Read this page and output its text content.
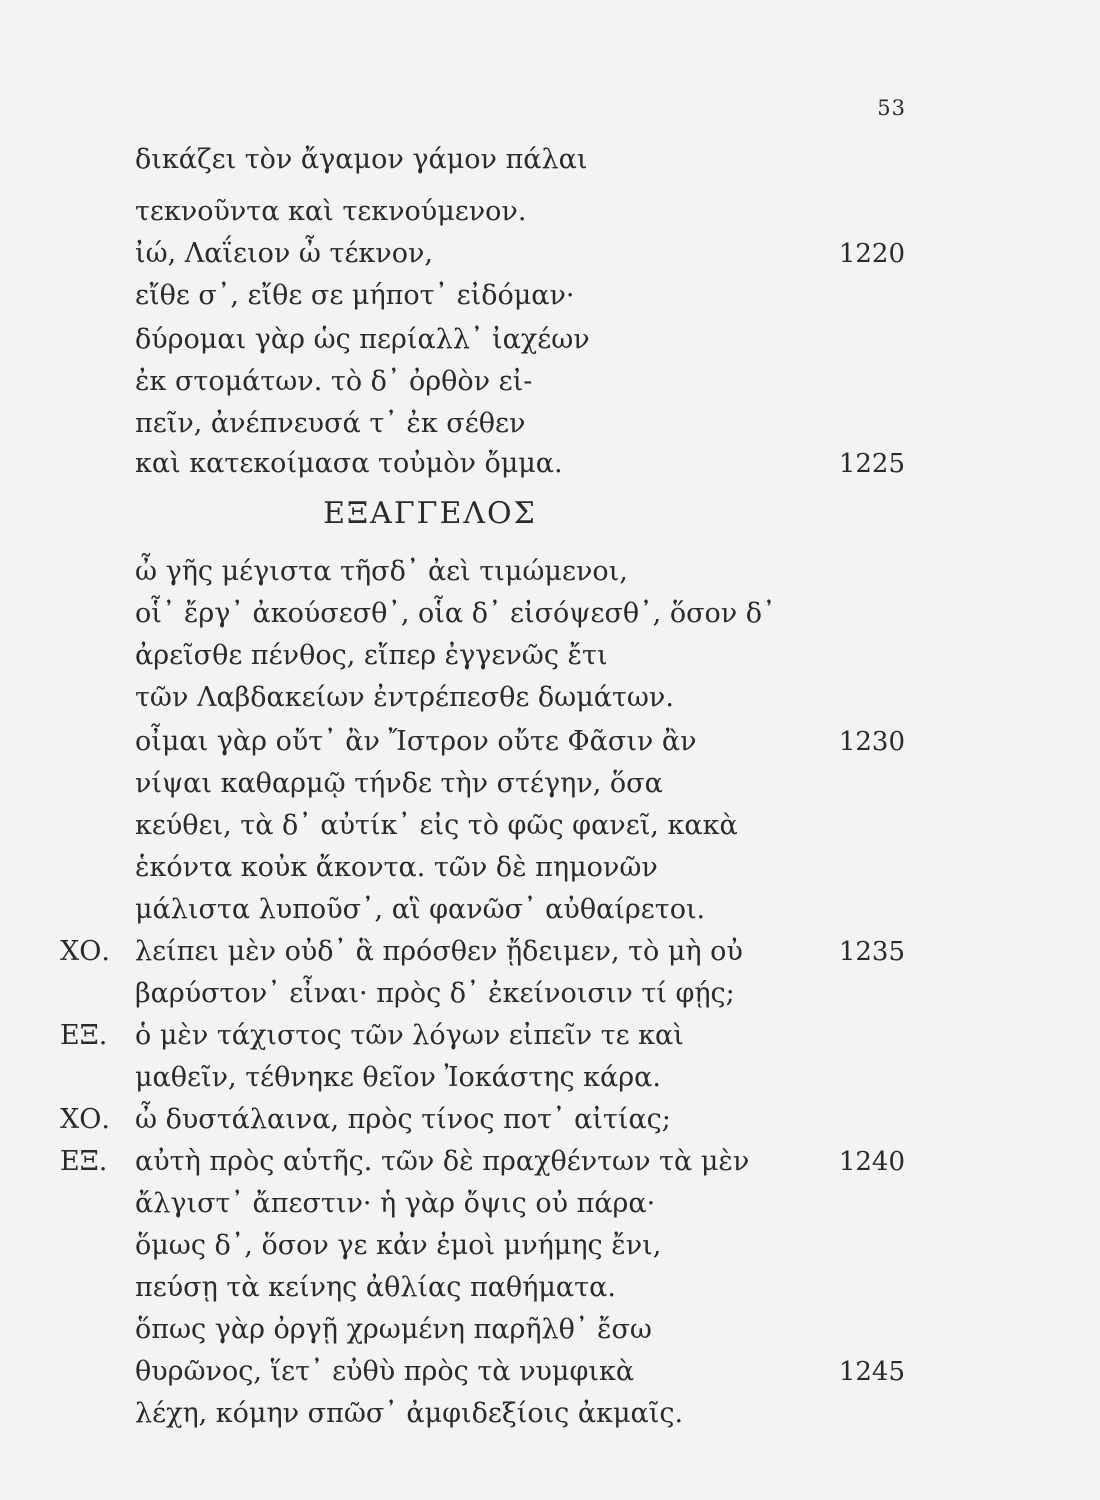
53
δικάζει τὸν ἄγαμον γάμον πάλαι
τεκνοῦντα καὶ τεκνούμενον.
ἰώ, Λαΐειον ὦ τέκνον,	1220
εἴθε σ᾽, εἴθε σε μήποτ᾽ εἰδόμαν·
δύρομαι γὰρ ὡς περίαλλ᾽ ἰαχέων
ἐκ στομάτων. τὸ δ᾽ ὀρθὸν εἰ-
πεῖν, ἀνέπνευσά τ᾽ ἐκ σέθεν
καὶ κατεκοίμασα τοὐμὸν ὄμμα.	1225
ΕΞΑΓΓΕΛΟΣ
ὦ γῆς μέγιστα τῆσδ᾽ ἀεὶ τιμώμενοι,
οἷ᾽ ἔργ᾽ ἀκούσεσθ᾽, οἷα δ᾽ εἰσόψεσθ᾽, ὅσον δ᾽
ἀρεῖσθε πένθος, εἴπερ ἐγγενῶς ἔτι
τῶν Λαβδακείων ἐντρέπεσθε δωμάτων.
οἶμαι γὰρ οὔτ᾽ ἂν Ἴστρον οὔτε Φᾶσιν ἂν	1230
νίψαι καθαρμῷ τήνδε τὴν στέγην, ὅσα
κεύθει, τὰ δ᾽ αὐτίκ᾽ εἰς τὸ φῶς φανεῖ, κακὰ
ἑκόντα κοὐκ ἄκοντα. τῶν δὲ πημονῶν
μάλιστα λυποῦσ᾽, αἳ φανῶσ᾽ αὐθαίρετοι.
ΧΟ. λείπει μὲν οὐδ᾽ ἃ πρόσθεν ᾔδειμεν, τὸ μὴ οὐ	1235
βαρύστον᾽ εἶναι· πρὸς δ᾽ ἐκείνοισιν τί φῄς;
ΕΞ. ὁ μὲν τάχιστος τῶν λόγων εἰπεῖν τε καὶ
μαθεῖν, τέθνηκε θεῖον Ἰοκάστης κάρα.
ΧΟ. ὦ δυστάλαινα, πρὸς τίνος ποτ᾽ αἰτίας;
ΕΞ. αὐτὴ πρὸς αὑτῆς. τῶν δὲ πραχθέντων τὰ μὲν	1240
ἄλγιστ᾽ ἄπεστιν· ἡ γὰρ ὄψις οὐ πάρα·
ὅμως δ᾽, ὅσον γε κἀν ἐμοὶ μνήμης ἔνι,
πεύσῃ τὰ κείνης ἀθλίας παθήματα.
ὅπως γὰρ ὀργῇ χρωμένη παρῆλθ᾽ ἔσω
θυρῶνος, ἵετ᾽ εὐθὺ πρὸς τὰ νυμφικὰ	1245
λέχη, κόμην σπῶσ᾽ ἀμφιδεξίοις ἀκμαῖς.
